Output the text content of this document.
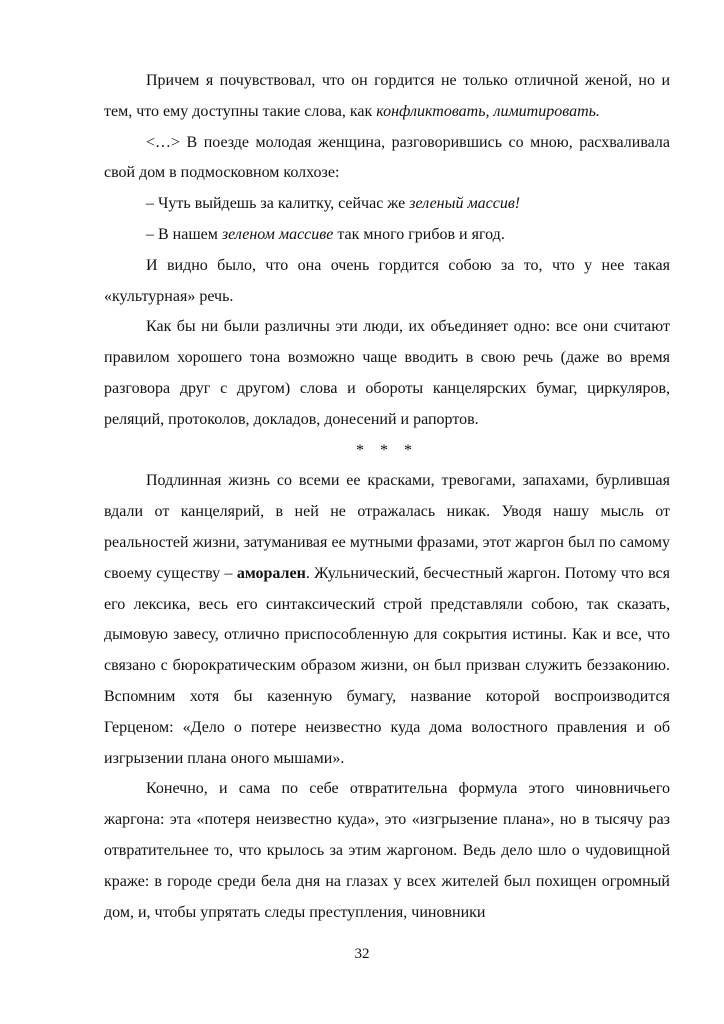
Причем я почувствовал, что он гордится не только отличной женой, но и тем, что ему доступны такие слова, как конфликтовать, лимитировать.

<…> В поезде молодая женщина, разговорившись со мною, расхваливала свой дом в подмосковном колхозе:

– Чуть выйдешь за калитку, сейчас же зеленый массив!

– В нашем зеленом массиве так много грибов и ягод.

И видно было, что она очень гордится собою за то, что у нее такая «культурная» речь.

Как бы ни были различны эти люди, их объединяет одно: все они считают правилом хорошего тона возможно чаще вводить в свою речь (даже во время разговора друг с другом) слова и обороты канцелярских бумаг, циркуляров, реляций, протоколов, докладов, донесений и рапортов.

* * *

Подлинная жизнь со всеми ее красками, тревогами, запахами, бурлившая вдали от канцелярий, в ней не отражалась никак. Уводя нашу мысль от реальностей жизни, затуманивая ее мутными фразами, этот жаргон был по самому своему существу – аморален. Жульнический, бесчестный жаргон. Потому что вся его лексика, весь его синтаксический строй представляли собою, так сказать, дымовую завесу, отлично приспособленную для сокрытия истины. Как и все, что связано с бюрократическим образом жизни, он был призван служить беззаконию. Вспомним хотя бы казенную бумагу, название которой воспроизводится Герценом: «Дело о потере неизвестно куда дома волостного правления и об изгрызении плана оного мышами».

Конечно, и сама по себе отвратительна формула этого чиновничьего жаргона: эта «потеря неизвестно куда», это «изгрызение плана», но в тысячу раз отвратительнее то, что крылось за этим жаргоном. Ведь дело шло о чудовищной краже: в городе среди бела дня на глазах у всех жителей был похищен огромный дом, и, чтобы упрятать следы преступления, чиновники

32
